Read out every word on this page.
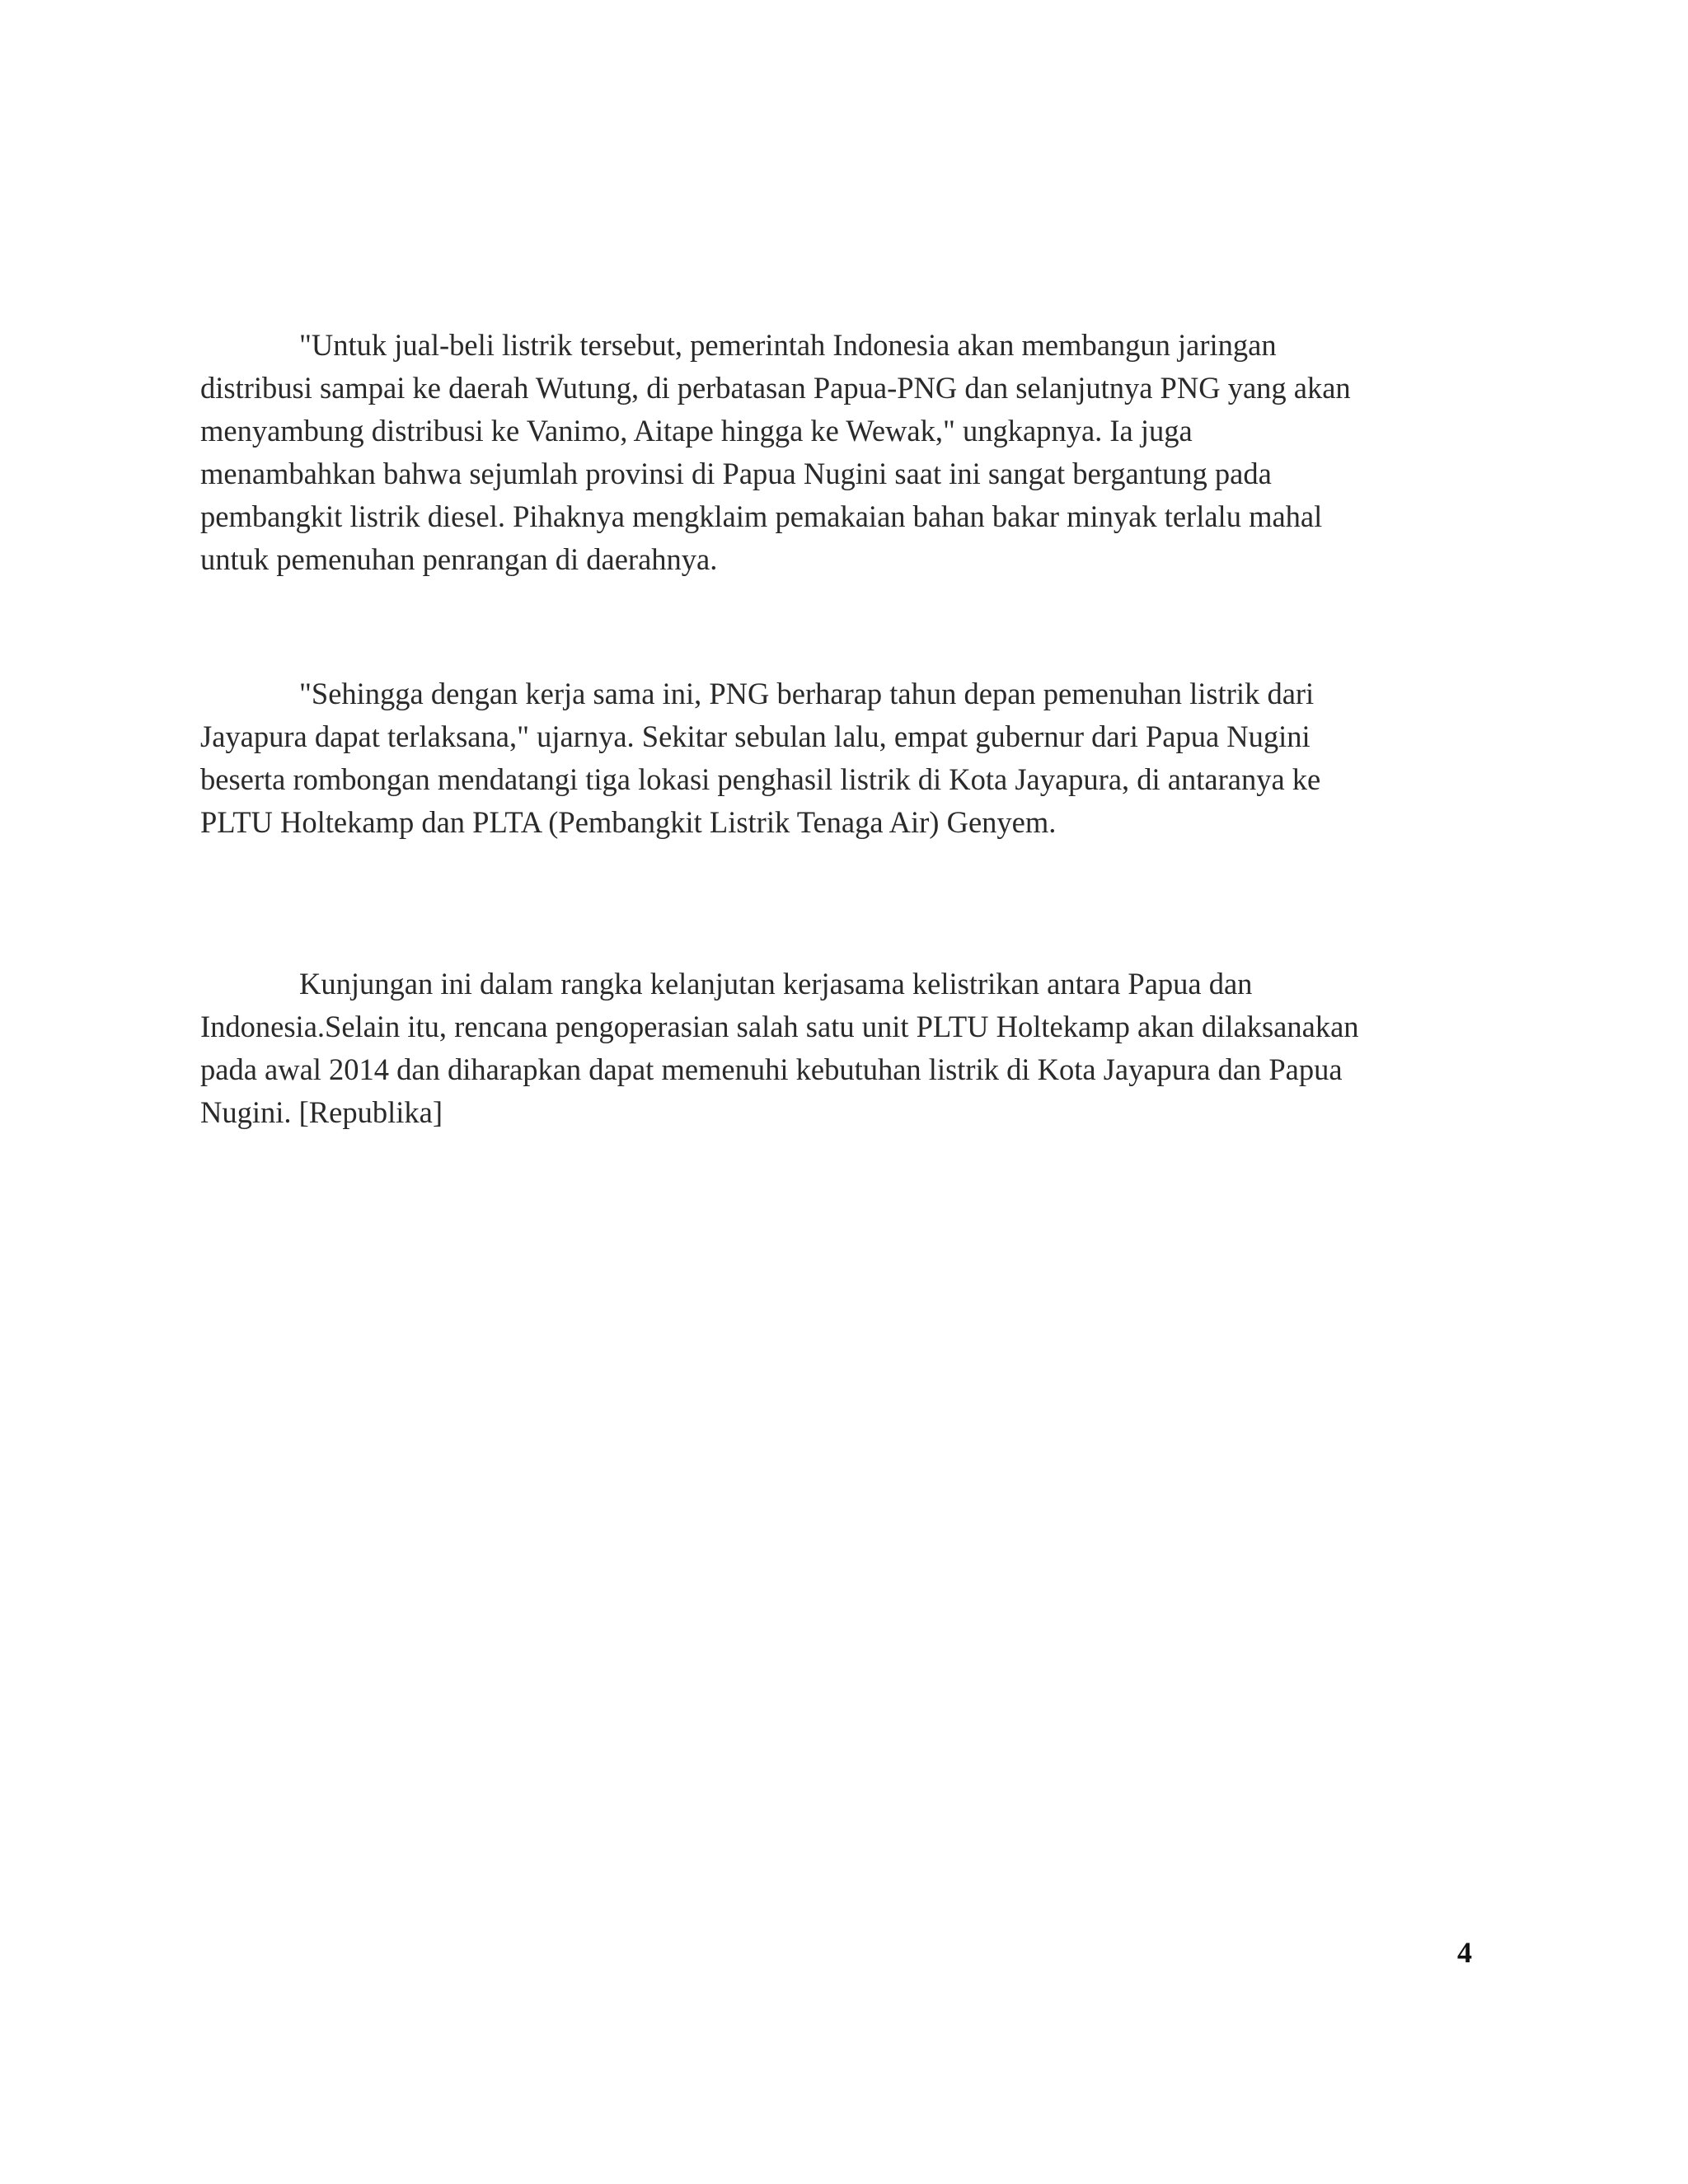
"Untuk jual-beli listrik tersebut, pemerintah Indonesia akan membangun jaringan
distribusi sampai ke daerah Wutung, di perbatasan Papua-PNG dan selanjutnya PNG yang akan
menyambung distribusi ke Vanimo, Aitape hingga ke Wewak," ungkapnya. Ia juga
menambahkan bahwa sejumlah provinsi di Papua Nugini saat ini sangat bergantung pada
pembangkit listrik diesel. Pihaknya mengklaim pemakaian bahan bakar minyak terlalu mahal
untuk pemenuhan penrangan di daerahnya.

"Sehingga dengan kerja sama ini, PNG berharap tahun depan pemenuhan listrik dari
Jayapura dapat terlaksana," ujarnya. Sekitar sebulan lalu, empat gubernur dari Papua Nugini
beserta rombongan mendatangi tiga lokasi penghasil listrik di Kota Jayapura, di antaranya ke
PLTU Holtekamp dan PLTA (Pembangkit Listrik Tenaga Air) Genyem.

Kunjungan ini dalam rangka kelanjutan kerjasama kelistrikan antara Papua dan
Indonesia.Selain itu, rencana pengoperasian salah satu unit PLTU Holtekamp akan dilaksanakan
pada awal 2014 dan diharapkan dapat memenuhi kebutuhan listrik di Kota Jayapura dan Papua
Nugini. [Republika]

4
